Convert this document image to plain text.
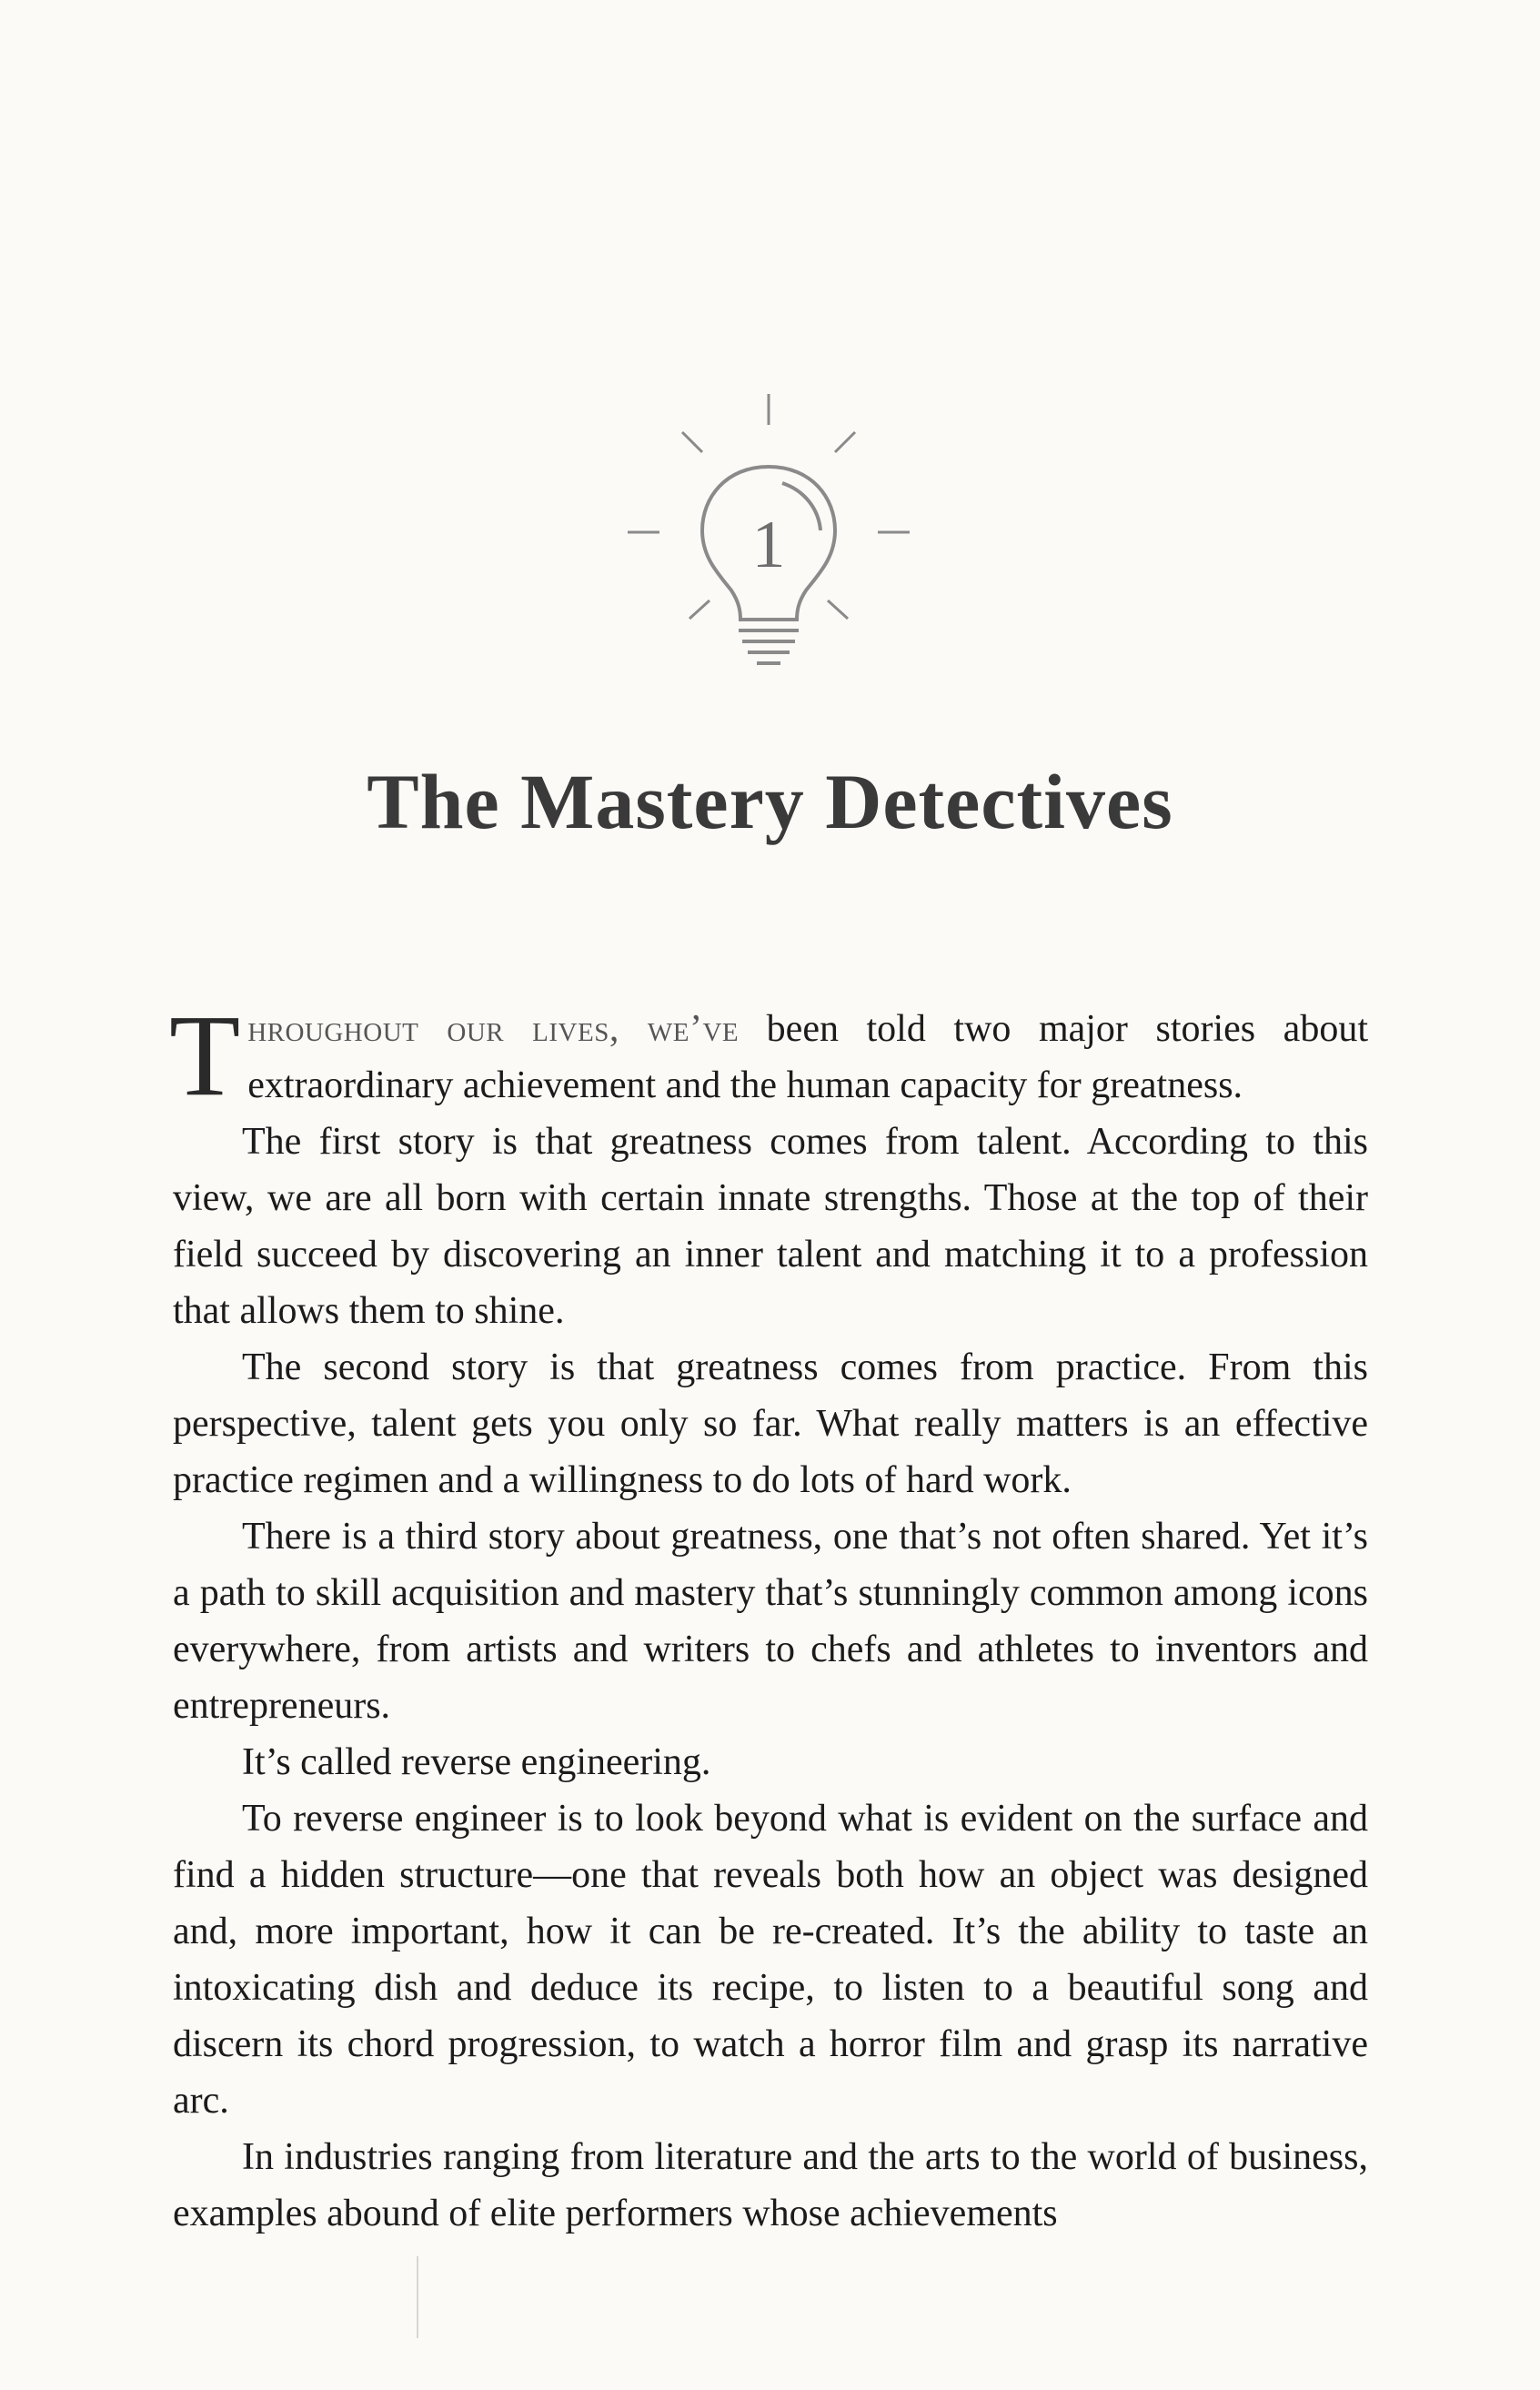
1
The Mastery Detectives

Throughout our lives, we’ve been told two major stories about extraordinary achievement and the human capacity for greatness.

The first story is that greatness comes from talent. According to this view, we are all born with certain innate strengths. Those at the top of their field succeed by discovering an inner talent and matching it to a profession that allows them to shine.

The second story is that greatness comes from practice. From this perspective, talent gets you only so far. What really matters is an effective practice regimen and a willingness to do lots of hard work.

There is a third story about greatness, one that’s not often shared. Yet it’s a path to skill acquisition and mastery that’s stunningly common among icons everywhere, from artists and writers to chefs and athletes to inventors and entrepreneurs.

It’s called reverse engineering.

To reverse engineer is to look beyond what is evident on the surface and find a hidden structure—one that reveals both how an object was designed and, more important, how it can be re-created. It’s the ability to taste an intoxicating dish and deduce its recipe, to listen to a beautiful song and discern its chord progression, to watch a horror film and grasp its narrative arc.

In industries ranging from literature and the arts to the world of business, examples abound of elite performers whose achievements
